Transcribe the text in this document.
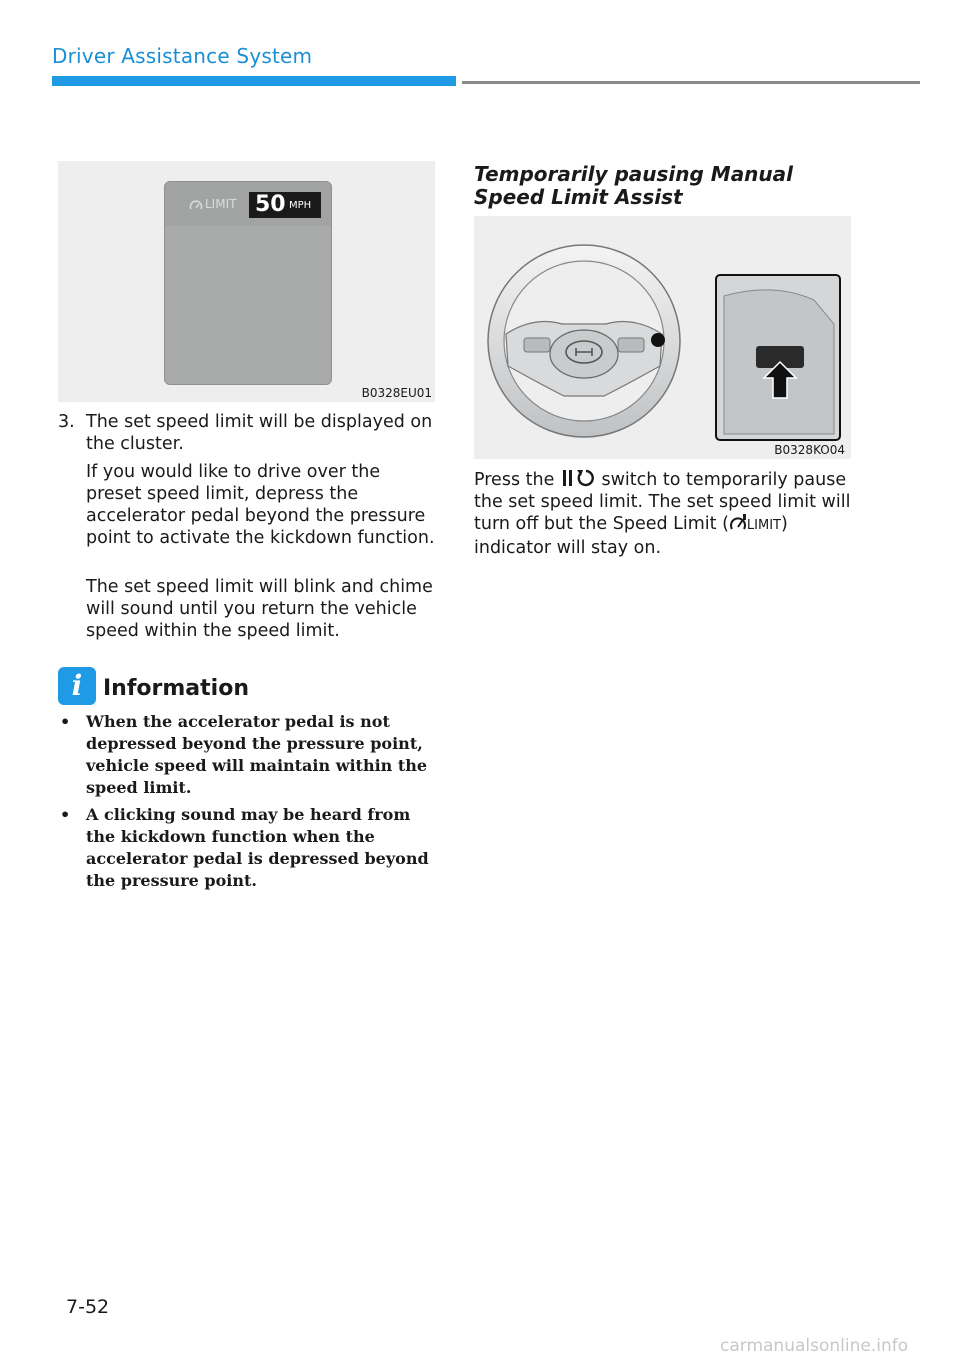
Driver Assistance System
LIMIT 50 MPH
B0328EU01
3. The set speed limit will be displayed on the cluster.
If you would like to drive over the preset speed limit, depress the accelerator pedal beyond the pressure point to activate the kickdown function.
The set speed limit will blink and chime will sound until you return the vehicle speed within the speed limit.
i Information
• When the accelerator pedal is not depressed beyond the pressure point, vehicle speed will maintain within the speed limit.
• A clicking sound may be heard from the kickdown function when the accelerator pedal is depressed beyond the pressure point.
Temporarily pausing Manual Speed Limit Assist
B0328KO04
Press the	switch to temporarily pause the set speed limit. The set speed limit will turn off but the Speed Limit ( LIMIT) indicator will stay on.
7-52
carmanualsonline.info
